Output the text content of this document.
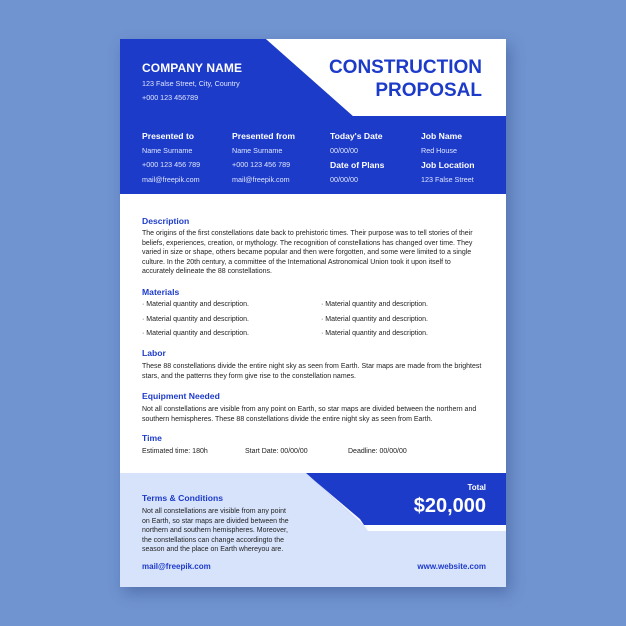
COMPANY NAME
123 False Street, City, Country
+000 123 456789
CONSTRUCTION
PROPOSAL
Presented to
Name Surname
+000 123 456 789
mail@freepik.com
Presented from
Name Surname
+000 123 456 789
mail@freepik.com
Today's Date
00/00/00
Date of Plans
00/00/00
Job Name
Red House
Job Location
123 False Street
Description
The origins of the first constellations date back to prehistoric times. Their purpose was to tell stories of their beliefs, experiences, creation, or mythology. The recognition of constellations has changed over time. They varied in size or shape, others became popular and then were forgotten, and some were limited to a single culture. In the 20th century, a committee of the International Astronomical Union took it upon itself to accurately delineate the 88 constellations.
Materials
· Material quantity and description.
· Material quantity and description.
· Material quantity and description.
· Material quantity and description.
· Material quantity and description.
· Material quantity and description.
Labor
These 88 constellations divide the entire night sky as seen from Earth. Star maps are made from the brightest stars, and the patterns they form give rise to the constellation names.
Equipment Needed
Not all constellations are visible from any point on Earth, so star maps are divided between the northern and southern hemispheres. These 88 constellations divide the entire night sky as seen from Earth.
Time
Estimated time: 180h	Start Date: 00/00/00	Deadline: 00/00/00
Total
$20,000
Terms & Conditions
Not all constellations are visible from any point on Earth, so star maps are divided between the northern and southern hemispheres. Moreover, the constellations can change accordingto the season and the place on Earth whereyou are.
mail@freepik.com	www.website.com
